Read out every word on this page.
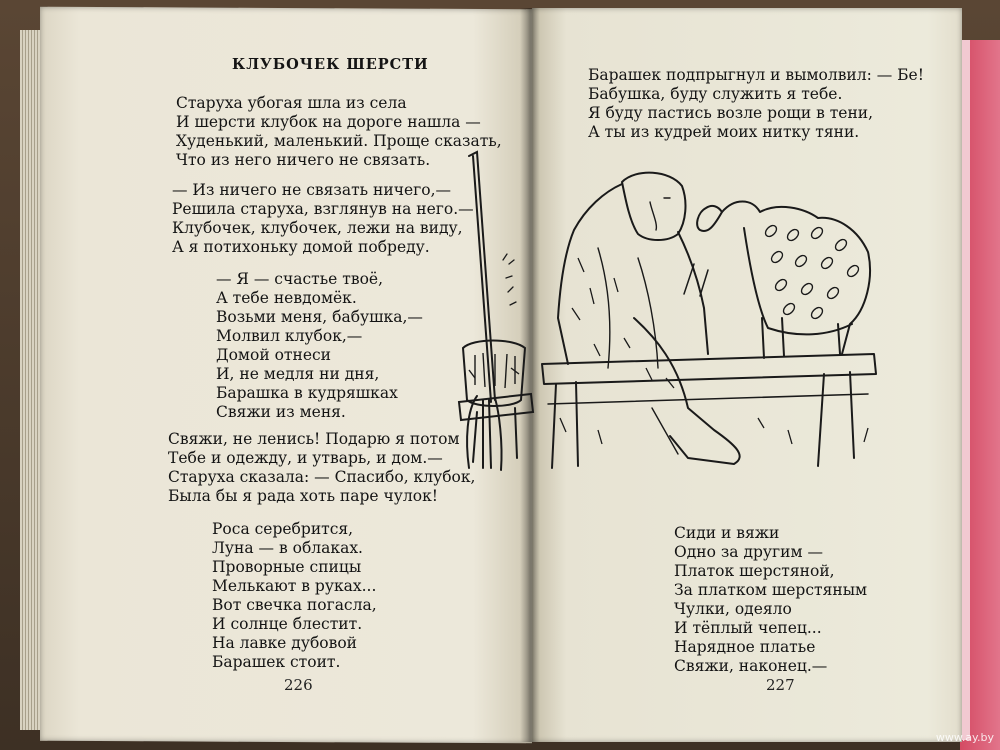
КЛУБОЧЕК ШЕРСТИ
Старуха убогая шла из села
И шерсти клубок на дороге нашла —
Худенький, маленький. Проще сказать,
Что из него ничего не связать.
— Из ничего не связать ничего,—
Решила старуха, взглянув на него.—
Клубочек, клубочек, лежи на виду,
А я потихоньку домой побреду.
— Я — счастье твоё,
А тебе невдомёк.
Возьми меня, бабушка,—
Молвил клубок,—
Домой отнеси
И, не медля ни дня,
Барашка в кудряшках
Свяжи из меня.
Свяжи, не ленись! Подарю я потом
Тебе и одежду, и утварь, и дом.—
Старуха сказала: — Спасибо, клубок,
Была бы я рада хоть паре чулок!
Роса серебрится,
Луна — в облаках.
Проворные спицы
Мелькают в руках...
Вот свечка погасла,
И солнце блестит.
На лавке дубовой
Барашек стоит.
226
Барашек подпрыгнул и вымолвил: — Бе!
Бабушка, буду служить я тебе.
Я буду пастись возле рощи в тени,
А ты из кудрей моих нитку тяни.
Сиди и вяжи
Одно за другим —
Платок шерстяной,
За платком шерстяным
Чулки, одеяло
И тёплый чепец...
Нарядное платье
Свяжи, наконец.—
227
www.ay.by
